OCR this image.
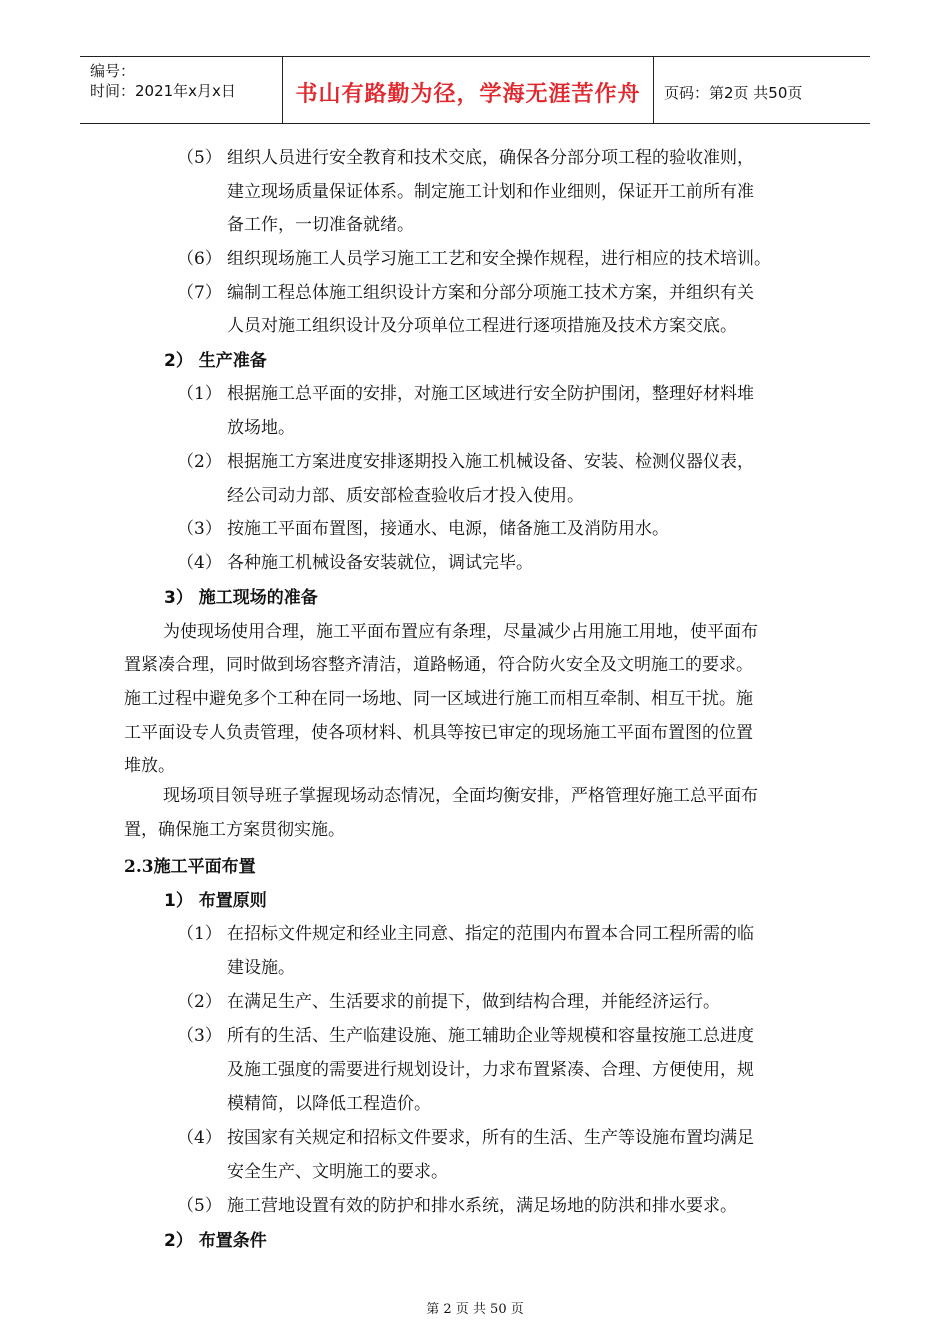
编号：
时间：2021年x月x日	书山有路勤为径，学海无涯苦作舟	页码：第2页 共50页
（5） 组织人员进行安全教育和技术交底，确保各分部分项工程的验收准则，
建立现场质量保证体系。制定施工计划和作业细则，保证开工前所有准
备工作，一切准备就绪。
（6） 组织现场施工人员学习施工工艺和安全操作规程，进行相应的技术培训。
（7） 编制工程总体施工组织设计方案和分部分项施工技术方案，并组织有关
人员对施工组织设计及分项单位工程进行逐项措施及技术方案交底。
2） 生产准备
（1） 根据施工总平面的安排，对施工区域进行安全防护围闭，整理好材料堆
放场地。
（2） 根据施工方案进度安排逐期投入施工机械设备、安装、检测仪器仪表，
经公司动力部、质安部检查验收后才投入使用。
（3） 按施工平面布置图，接通水、电源，储备施工及消防用水。
（4） 各种施工机械设备安装就位，调试完毕。
3） 施工现场的准备
为使现场使用合理，施工平面布置应有条理，尽量减少占用施工用地，使平面布
置紧凑合理，同时做到场容整齐清洁，道路畅通，符合防火安全及文明施工的要求。
施工过程中避免多个工种在同一场地、同一区域进行施工而相互牵制、相互干扰。施
工平面设专人负责管理，使各项材料、机具等按已审定的现场施工平面布置图的位置
堆放。
现场项目领导班子掌握现场动态情况，全面均衡安排，严格管理好施工总平面布
置，确保施工方案贯彻实施。
2.3施工平面布置
1） 布置原则
（1） 在招标文件规定和经业主同意、指定的范围内布置本合同工程所需的临
建设施。
（2） 在满足生产、生活要求的前提下，做到结构合理，并能经济运行。
（3） 所有的生活、生产临建设施、施工辅助企业等规模和容量按施工总进度
及施工强度的需要进行规划设计，力求布置紧凑、合理、方便使用，规
模精简，以降低工程造价。
（4） 按国家有关规定和招标文件要求，所有的生活、生产等设施布置均满足
安全生产、文明施工的要求。
（5） 施工营地设置有效的防护和排水系统，满足场地的防洪和排水要求。
2） 布置条件
第 2 页 共 50 页
